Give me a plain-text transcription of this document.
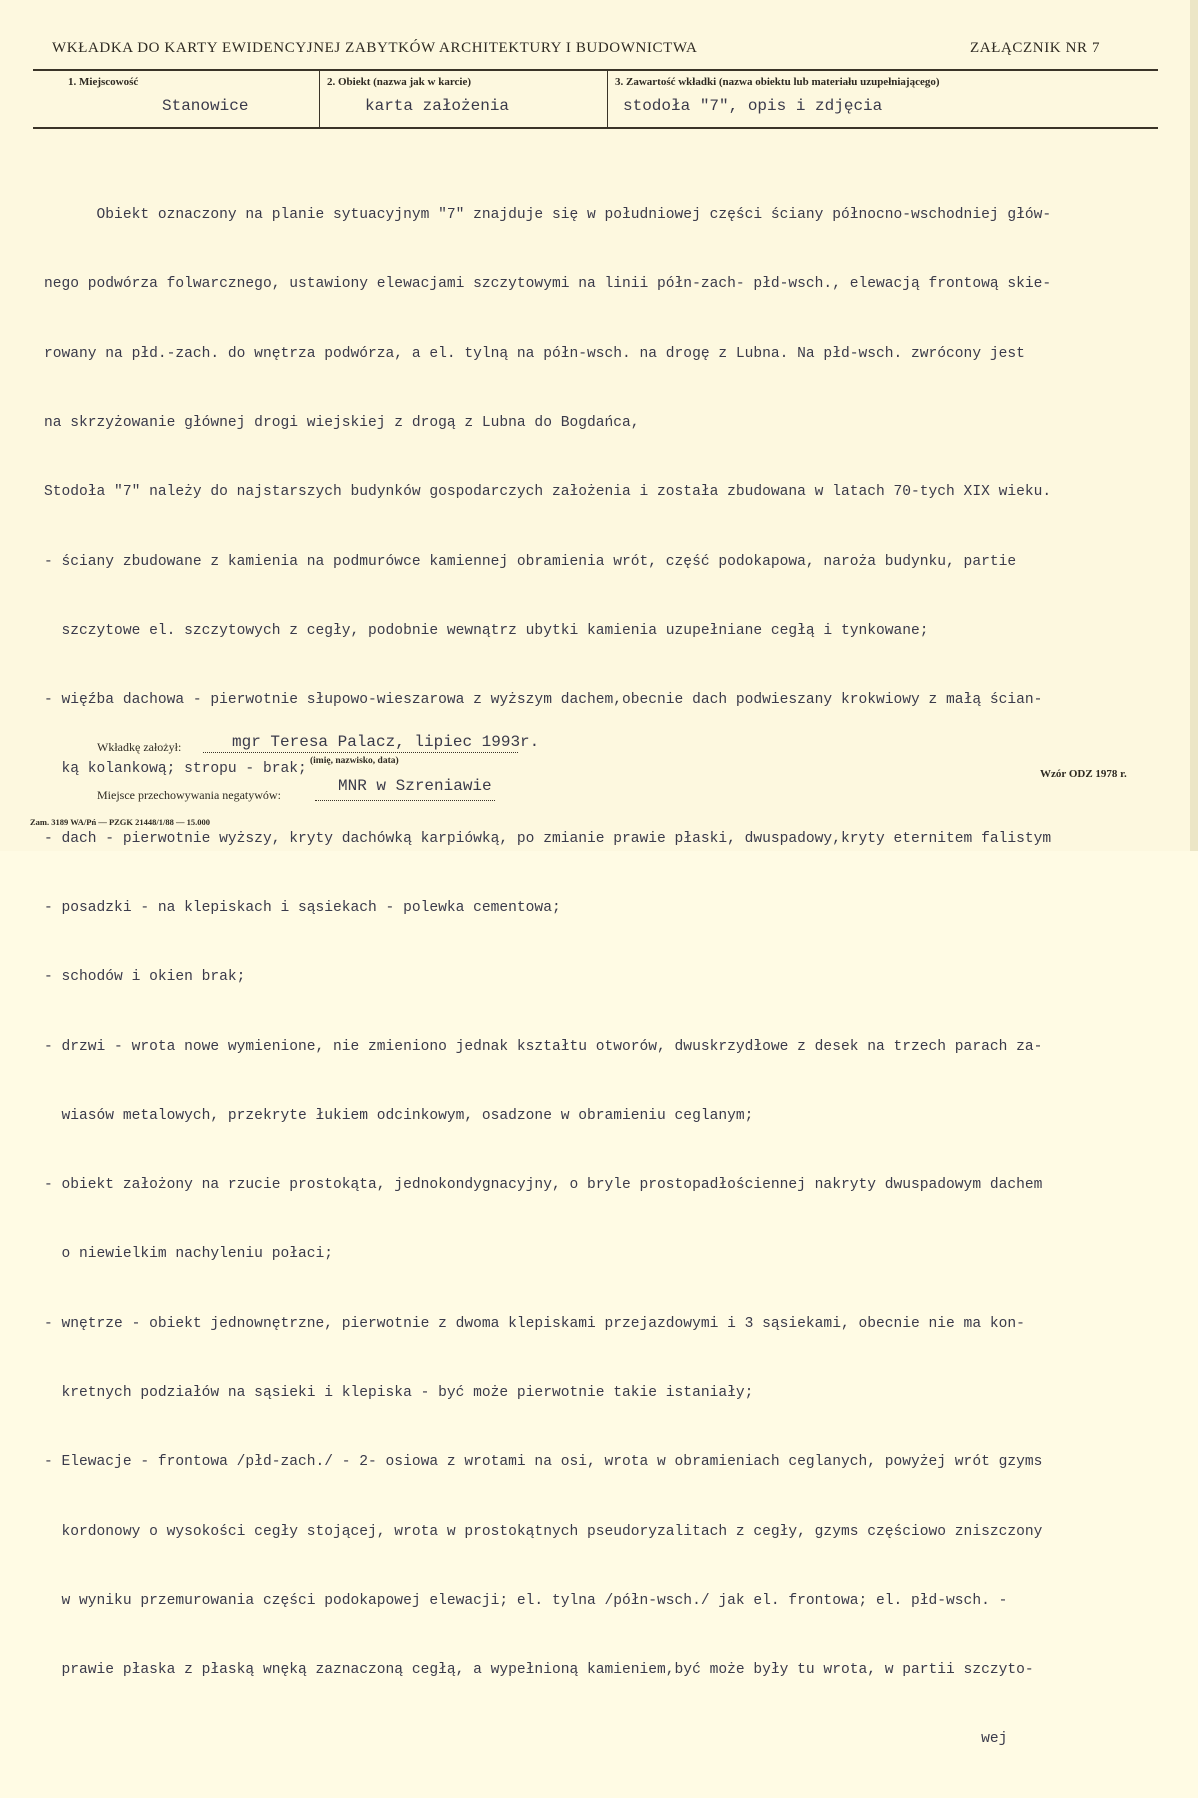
WKŁADKA DO KARTY EWIDENCYJNEJ ZABYTKÓW ARCHITEKTURY I BUDOWNICTWA	ZAŁĄCZNIK NR 7
1. Miejscowość
Stanowice
2. Obiekt (nazwa jak w karcie)
karta założenia
3. Zawartość wkładki (nazwa obiektu lub materiału uzupełniającego)
stodoła "7", opis i zdjęcia

Obiekt oznaczony na planie sytuacyjnym "7" znajduje się w południowej części ściany północno-wschodniej głów-

nego podwórza folwarcznego, ustawiony elewacjami szczytowymi na linii półn-zach- płd-wsch., elewacją frontową skie-

rowany na płd.-zach. do wnętrza podwórza, a el. tylną na półn-wsch. na drogę z Lubna. Na płd-wsch. zwrócony jest

na skrzyżowanie głównej drogi wiejskiej z drogą z Lubna do Bogdańca,

Stodoła "7" należy do najstarszych budynków gospodarczych założenia i została zbudowana w latach 70-tych XIX wieku.

- ściany zbudowane z kamienia na podmurówce kamiennej obramienia wrót, część podokapowa, naroża budynku, partie

szczytowe el. szczytowych z cegły, podobnie wewnątrz ubytki kamienia uzupełniane cegłą i tynkowane;

- więźba dachowa - pierwotnie słupowo-wieszarowa z wyższym dachem,obecnie dach podwieszany krokwiowy z małą ścian-

ką kolankową; stropu - brak;

- dach - pierwotnie wyższy, kryty dachówką karpiówką, po zmianie prawie płaski, dwuspadowy,kryty eternitem falistym

- posadzki - na klepiskach i sąsiekach - polewka cementowa;

- schodów i okien brak;

- drzwi - wrota nowe wymienione, nie zmieniono jednak kształtu otworów, dwuskrzydłowe z desek na trzech parach za-

wiasów metalowych, przekryte łukiem odcinkowym, osadzone w obramieniu ceglanym;

- obiekt założony na rzucie prostokąta, jednokondygnacyjny, o bryle prostopadłościennej nakryty dwuspadowym dachem

o niewielkim nachyleniu połaci;

- wnętrze - obiekt jednownętrzne, pierwotnie z dwoma klepiskami przejazdowymi i 3 sąsiekami, obecnie nie ma kon-

kretnych podziałów na sąsieki i klepiska - być może pierwotnie takie istaniały;

- Elewacje - frontowa /płd-zach./ - 2- osiowa z wrotami na osi, wrota w obramieniach ceglanych, powyżej wrót gzyms

kordonowy o wysokości cegły stojącej, wrota w prostokątnych pseudoryzalitach z cegły, gzyms częściowo zniszczony

w wyniku przemurowania części podokapowej elewacji; el. tylna /półn-wsch./ jak el. frontowa; el. płd-wsch. -

prawie płaska z płaską wnęką zaznaczoną cegłą, a wypełnioną kamieniem,być może były tu wrota, w partii szczyto-

wej

Wkładkę założył:	mgr Teresa Palacz, lipiec 1993r.
(imię, nazwisko, data)
Wzór ODZ 1978 r.
Miejsce przechowywania negatywów:	MNR w Szreniawie
Zam. 3189 WA/Pń — PZGK 21448/1/88 — 15.000
